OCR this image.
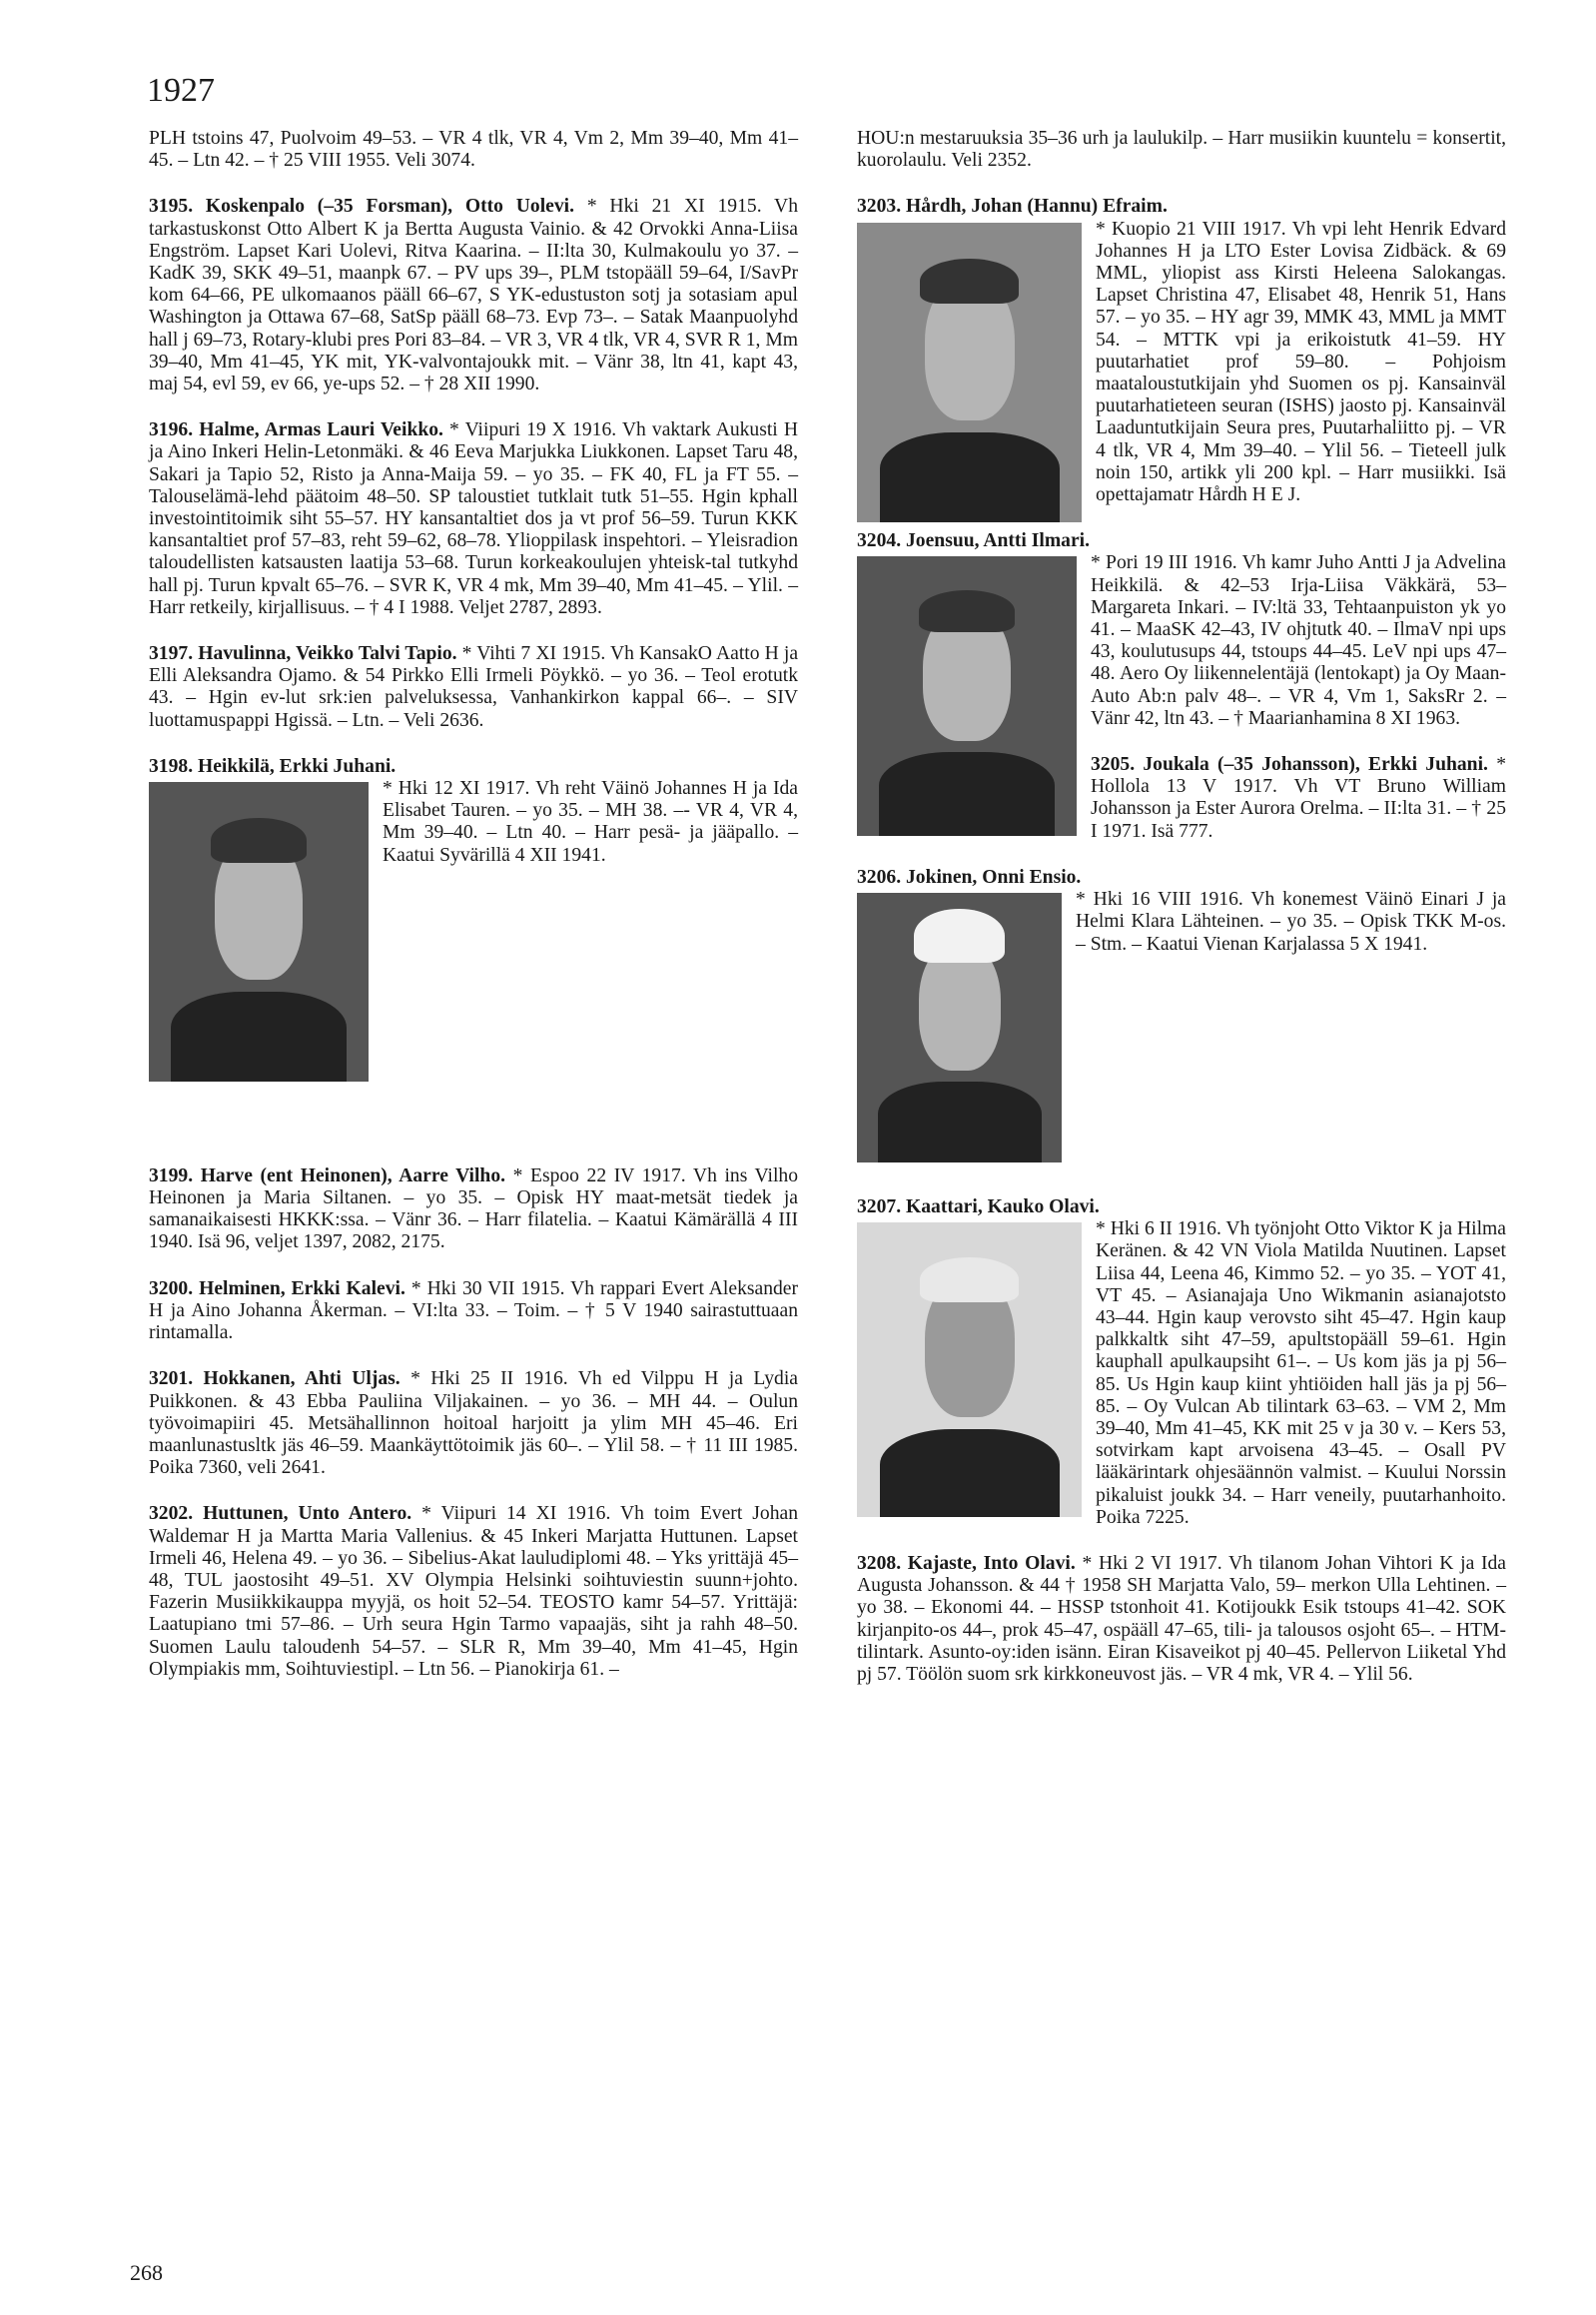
1927

PLH tstoins 47, Puolvoim 49–53. – VR 4 tlk, VR 4, Vm 2, Mm 39–40, Mm 41–45. – Ltn 42. – † 25 VIII 1955. Veli 3074.

3195. Koskenpalo (–35 Forsman), Otto Uolevi. * Hki 21 XI 1915. Vh tarkastuskonst Otto Albert K ja Bertta Augusta Vainio. & 42 Orvokki Anna-Liisa Engström. Lapset Kari Uolevi, Ritva Kaarina. – II:lta 30, Kulmakoulu yo 37. – KadK 39, SKK 49–51, maanpk 67. – PV ups 39–, PLM tstopääll 59–64, I/SavPr kom 64–66, PE ulkomaanos pääll 66–67, S YK-edustuston sotj ja sotasiam apul Washington ja Ottawa 67–68, SatSp pääll 68–73. Evp 73–. – Satak Maanpuolyhd hall j 69–73, Rotary-klubi pres Pori 83–84. – VR 3, VR 4 tlk, VR 4, SVR R 1, Mm 39–40, Mm 41–45, YK mit, YK-valvontajoukk mit. – Vänr 38, ltn 41, kapt 43, maj 54, evl 59, ev 66, ye-ups 52. – † 28 XII 1990.

3196. Halme, Armas Lauri Veikko. * Viipuri 19 X 1916. Vh vaktark Aukusti H ja Aino Inkeri Helin-Letonmäki. & 46 Eeva Marjukka Liukkonen. Lapset Taru 48, Sakari ja Tapio 52, Risto ja Anna-Maija 59. – yo 35. – FK 40, FL ja FT 55. – Talouselämä-lehd päätoim 48–50. SP taloustiet tutklait tutk 51–55. Hgin kphall investointitoimik siht 55–57. HY kansantaltiet dos ja vt prof 56–59. Turun KKK kansantaltiet prof 57–83, reht 59–62, 68–78. Ylioppilask inspehtori. – Yleisradion taloudellisten katsausten laatija 53–68. Turun korkeakoulujen yhteisk-tal tutkyhd hall pj. Turun kpvalt 65–76. – SVR K, VR 4 mk, Mm 39–40, Mm 41–45. – Ylil. – Harr retkeily, kirjallisuus. – † 4 I 1988. Veljet 2787, 2893.

3197. Havulinna, Veikko Talvi Tapio. * Vihti 7 XI 1915. Vh KansakO Aatto H ja Elli Aleksandra Ojamo. & 54 Pirkko Elli Irmeli Pöykkö. – yo 36. – Teol erotutk 43. – Hgin ev-lut srk:ien palveluksessa, Vanhankirkon kappal 66–. – SIV luottamuspappi Hgissä. – Ltn. – Veli 2636.

3198. Heikkilä, Erkki Juhani.

* Hki 12 XI 1917. Vh reht Väinö Johannes H ja Ida Elisabet Tauren. – yo 35. – MH 38. –- VR 4, VR 4, Mm 39–40. – Ltn 40. – Harr pesä- ja jääpallo. – Kaatui Syvärillä 4 XII 1941.

3199. Harve (ent Heinonen), Aarre Vilho. * Espoo 22 IV 1917. Vh ins Vilho Heinonen ja Maria Siltanen. – yo 35. – Opisk HY maat-metsät tiedek ja samanaikaisesti HKKK:ssa. – Vänr 36. – Harr filatelia. – Kaatui Kämärällä 4 III 1940. Isä 96, veljet 1397, 2082, 2175.

3200. Helminen, Erkki Kalevi. * Hki 30 VII 1915. Vh rappari Evert Aleksander H ja Aino Johanna Åkerman. – VI:lta 33. – Toim. – † 5 V 1940 sairastuttuaan rintamalla.

3201. Hokkanen, Ahti Uljas. * Hki 25 II 1916. Vh ed Vilppu H ja Lydia Puikkonen. & 43 Ebba Pauliina Viljakainen. – yo 36. – MH 44. – Oulun työvoimapiiri 45. Metsähallinnon hoitoal harjoitt ja ylim MH 45–46. Eri maanlunastusltk jäs 46–59. Maankäyttötoimik jäs 60–. – Ylil 58. – † 11 III 1985. Poika 7360, veli 2641.

3202. Huttunen, Unto Antero. * Viipuri 14 XI 1916. Vh toim Evert Johan Waldemar H ja Martta Maria Vallenius. & 45 Inkeri Marjatta Huttunen. Lapset Irmeli 46, Helena 49. – yo 36. – Sibelius-Akat lauludiplomi 48. – Yks yrittäjä 45–48, TUL jaostosiht 49–51. XV Olympia Helsinki soihtuviestin suunn+johto. Fazerin Musiikkikauppa myyjä, os hoit 52–54. TEOSTO kamr 54–57. Yrittäjä: Laatupiano tmi 57–86. – Urh seura Hgin Tarmo vapaajäs, siht ja rahh 48–50. Suomen Laulu taloudenh 54–57. – SLR R, Mm 39–40, Mm 41–45, Hgin Olympiakis mm, Soihtuviestipl. – Ltn 56. – Pianokirja 61. –

HOU:n mestaruuksia 35–36 urh ja laulukilp. – Harr musiikin kuuntelu = konsertit, kuorolaulu. Veli 2352.

3203. Hårdh, Johan (Hannu) Efraim.

* Kuopio 21 VIII 1917. Vh vpi leht Henrik Edvard Johannes H ja LTO Ester Lovisa Zidbäck. & 69 MML, yliopist ass Kirsti Heleena Salokangas. Lapset Christina 47, Elisabet 48, Henrik 51, Hans 57. – yo 35. – HY agr 39, MMK 43, MML ja MMT 54. – MTTK vpi ja erikoistutk 41–59. HY puutarhatiet prof 59–80. – Pohjoism maataloustutkijain yhd Suomen os pj. Kansainväl puutarhatieteen seuran (ISHS) jaosto pj. Kansainväl Laaduntutkijain Seura pres, Puutarhaliitto pj. – VR 4 tlk, VR 4, Mm 39–40. – Ylil 56. – Tieteell julk noin 150, artikk yli 200 kpl. – Harr musiikki. Isä opettajamatr Hårdh H E J.

3204. Joensuu, Antti Ilmari.

* Pori 19 III 1916. Vh kamr Juho Antti J ja Advelina Heikkilä. & 42–53 Irja-Liisa Väkkärä, 53– Margareta Inkari. – IV:ltä 33, Tehtaanpuiston yk yo 41. – MaaSK 42–43, IV ohjtutk 40. – IlmaV npi ups 43, koulutusups 44, tstoups 44–45. LeV npi ups 47–48. Aero Oy liikennelentäjä (lentokapt) ja Oy Maan-Auto Ab:n palv 48–. – VR 4, Vm 1, SaksRr 2. – Vänr 42, ltn 43. – † Maarianhamina 8 XI 1963.

3205. Joukala (–35 Johansson), Erkki Juhani. * Hollola 13 V 1917. Vh VT Bruno William Johansson ja Ester Aurora Orelma. – II:lta 31. – † 25 I 1971. Isä 777.

3206. Jokinen, Onni Ensio.

* Hki 16 VIII 1916. Vh konemest Väinö Einari J ja Helmi Klara Lähteinen. – yo 35. – Opisk TKK M-os. – Stm. – Kaatui Vienan Karjalassa 5 X 1941.

3207. Kaattari, Kauko Olavi.

* Hki 6 II 1916. Vh työnjoht Otto Viktor K ja Hilma Keränen. & 42 VN Viola Matilda Nuutinen. Lapset Liisa 44, Leena 46, Kimmo 52. – yo 35. – YOT 41, VT 45. – Asianajaja Uno Wikmanin asianajotsto 43–44. Hgin kaup verovsto siht 45–47. Hgin kaup palkkaltk siht 47–59, apultstopääll 59–61. Hgin kauphall apulkaupsiht 61–. – Us kom jäs ja pj 56–85. Us Hgin kaup kiint yhtiöiden hall jäs ja pj 56–85. – Oy Vulcan Ab tilintark 63–63. – VM 2, Mm 39–40, Mm 41–45, KK mit 25 v ja 30 v. – Kers 53, sotvirkam kapt arvoisena 43–45. – Osall PV lääkärintark ohjesäännön valmist. – Kuului Norssin pikaluist joukk 34. – Harr veneily, puutarhanhoito. Poika 7225.

3208. Kajaste, Into Olavi. * Hki 2 VI 1917. Vh tilanom Johan Vihtori K ja Ida Augusta Johansson. & 44 † 1958 SH Marjatta Valo, 59– merkon Ulla Lehtinen. – yo 38. – Ekonomi 44. – HSSP tstonhoit 41. Kotijoukk Esik tstoups 41–42. SOK kirjanpito-os 44–, prok 45–47, ospääll 47–65, tili- ja talousos osjoht 65–. – HTM-tilintark. Asunto-oy:iden isänn. Eiran Kisaveikot pj 40–45. Pellervon Liiketal Yhd pj 57. Töölön suom srk kirkkoneuvost jäs. – VR 4 mk, VR 4. – Ylil 56.

268
